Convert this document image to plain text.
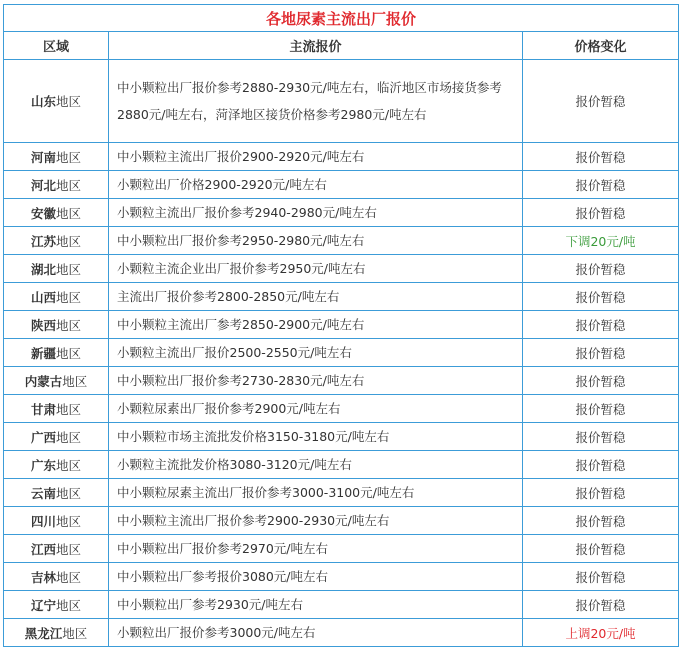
各地尿素主流出厂报价		
区域	主流报价	价格变化
山东地区	中小颗粒出厂报价参考2880-2930元/吨左右，临沂地区市场接货参考2880元/吨左右，菏泽地区接货价格参考2980元/吨左右	报价暂稳
河南地区	中小颗粒主流出厂报价2900-2920元/吨左右	报价暂稳
河北地区	小颗粒出厂价格2900-2920元/吨左右	报价暂稳
安徽地区	小颗粒主流出厂报价参考2940-2980元/吨左右	报价暂稳
江苏地区	中小颗粒出厂报价参考2950-2980元/吨左右	下调20元/吨
湖北地区	小颗粒主流企业出厂报价参考2950元/吨左右	报价暂稳
山西地区	主流出厂报价参考2800-2850元/吨左右	报价暂稳
陕西地区	中小颗粒主流出厂参考2850-2900元/吨左右	报价暂稳
新疆地区	小颗粒主流出厂报价2500-2550元/吨左右	报价暂稳
内蒙古地区	中小颗粒出厂报价参考2730-2830元/吨左右	报价暂稳
甘肃地区	小颗粒尿素出厂报价参考2900元/吨左右	报价暂稳
广西地区	中小颗粒市场主流批发价格3150-3180元/吨左右	报价暂稳
广东地区	小颗粒主流批发价格3080-3120元/吨左右	报价暂稳
云南地区	中小颗粒尿素主流出厂报价参考3000-3100元/吨左右	报价暂稳
四川地区	中小颗粒主流出厂报价参考2900-2930元/吨左右	报价暂稳
江西地区	中小颗粒出厂报价参考2970元/吨左右	报价暂稳
吉林地区	中小颗粒出厂参考报价3080元/吨左右	报价暂稳
辽宁地区	中小颗粒出厂参考2930元/吨左右	报价暂稳
黑龙江地区	小颗粒出厂报价参考3000元/吨左右	上调20元/吨
